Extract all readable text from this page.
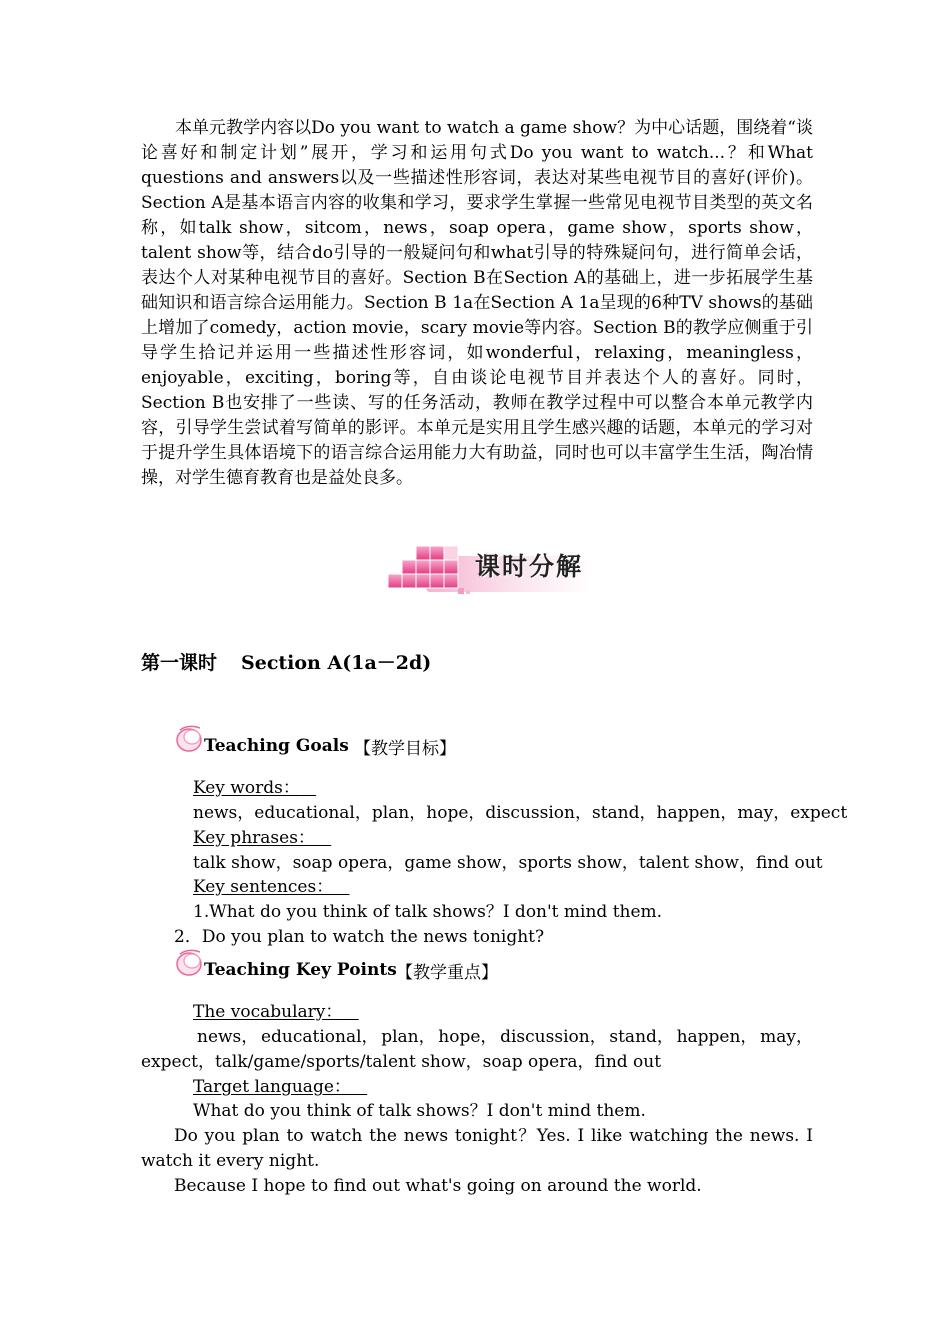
本单元教学内容以Do you want to watch a game show？为中心话题，围绕着“谈论喜好和制定计划”展开，学习和运用句式Do you want to watch...？和What questions and answers以及一些描述性形容词，表达对某些电视节目的喜好(评价)。Section A是基本语言内容的收集和学习，要求学生掌握一些常见电视节目类型的英文名称，如talk show，sitcom，news，soap opera，game show，sports show，talent show等，结合do引导的一般疑问句和what引导的特殊疑问句，进行简单会话，表达个人对某种电视节目的喜好。Section B在Section A的基础上，进一步拓展学生基础知识和语言综合运用能力。Section B 1a在Section A 1a呈现的6种TV shows的基础上增加了comedy，action movie，scary movie等内容。Section B的教学应侧重于引导学生拾记并运用一些描述性形容词，如wonderful，relaxing，meaningless，enjoyable，exciting，boring等，自由谈论电视节目并表达个人的喜好。同时，Section B也安排了一些读、写的任务活动，教师在教学过程中可以整合本单元教学内容，引导学生尝试着写简单的影评。本单元是实用且学生感兴趣的话题，本单元的学习对于提升学生具体语境下的语言综合运用能力大有助益，同时也可以丰富学生生活，陶冶情操，对学生德育教育也是益处良多。

课时分解
第一课时 Section A(1a－2d)
Teaching Goals 【教学目标】
Key words：
news，educational，plan，hope，discussion，stand，happen，may，expect
Key phrases：
talk show，soap opera，game show，sports show，talent show，find out
Key sentences：
1.What do you think of talk shows？I don't mind them.
2．Do you plan to watch the news tonight?
Teaching Key Points 【教学重点】
The vocabulary：
news， educational， plan， hope， discussion， stand， happen， may，
expect，talk/game/sports/talent show，soap opera，find out
Target language：
What do you think of talk shows？I don't mind them.

Do you plan to watch the news tonight？Yes. I like watching the news. I watch it every night.

Because I hope to find out what's going on around the world.
